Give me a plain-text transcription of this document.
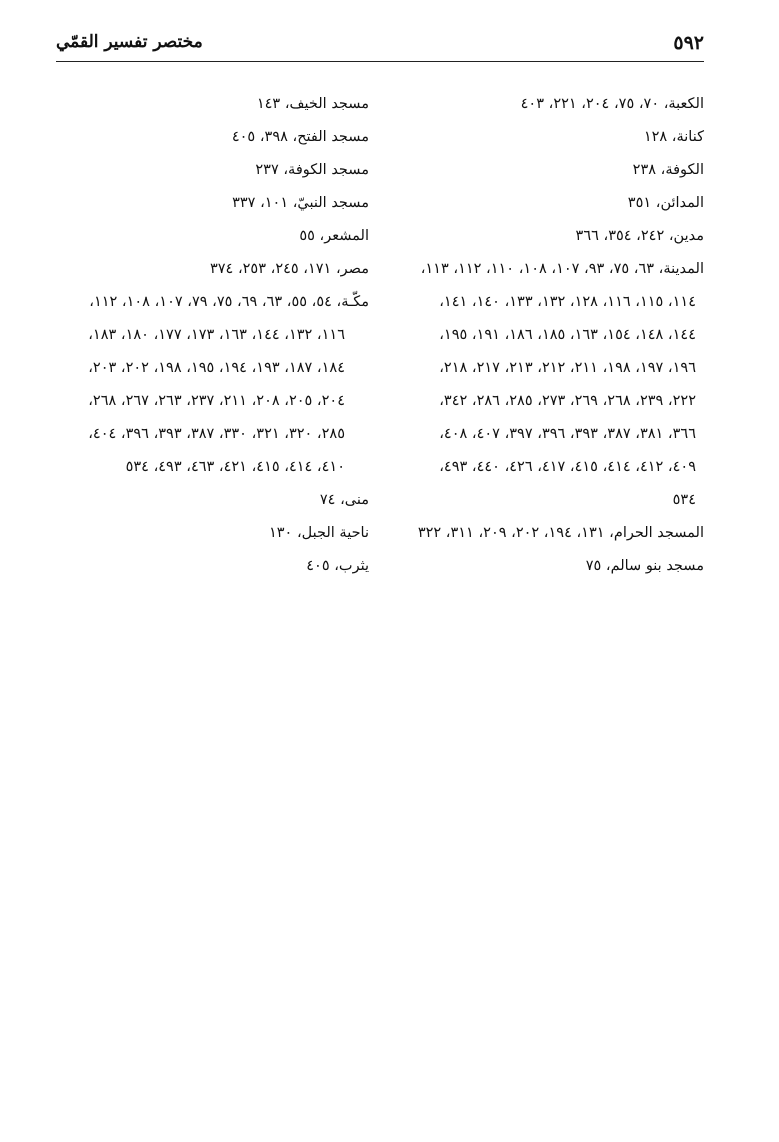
٥٩٢
مختصر تفسير القمّي
الكعبة، ٧٠، ٧٥، ٢٠٤، ٢٢١، ٤٠٣
كنانة، ١٢٨
الكوفة، ٢٣٨
المدائن، ٣٥١
مدين، ٢٤٢، ٣٥٤، ٣٦٦
المدينة، ٦٣، ٧٥، ٩٣، ١٠٧، ١٠٨، ١١٠، ١١٢، ١١٣،
١١٤، ١١٥، ١١٦، ١٢٨، ١٣٢، ١٣٣، ١٤٠، ١٤١،
١٤٤، ١٤٨، ١٥٤، ١٦٣، ١٨٥، ١٨٦، ١٩١، ١٩٥،
١٩٦، ١٩٧، ١٩٨، ٢١١، ٢١٢، ٢١٣، ٢١٧، ٢١٨،
٢٢٢، ٢٣٩، ٢٦٨، ٢٦٩، ٢٧٣، ٢٨٥، ٢٨٦، ٣٤٢،
٣٦٦، ٣٨١، ٣٨٧، ٣٩٣، ٣٩٦، ٣٩٧، ٤٠٧، ٤٠٨،
٤٠٩، ٤١٢، ٤١٤، ٤١٥، ٤١٧، ٤٢٦، ٤٤٠، ٤٩٣،
٥٣٤
المسجد الحرام، ١٣١، ١٩٤، ٢٠٢، ٢٠٩، ٣١١، ٣٢٢
مسجد بنو سالم، ٧٥
مسجد الخيف، ١٤٣
مسجد الفتح، ٣٩٨، ٤٠٥
مسجد الكوفة، ٢٣٧
مسجد النبيّ، ١٠١، ٣٣٧
المشعر، ٥٥
مصر، ١٧١، ٢٤٥، ٢٥٣، ٣٧٤
مكّـة، ٥٤، ٥٥، ٦٣، ٦٩، ٧٥، ٧٩، ١٠٧، ١٠٨، ١١٢،
١١٦، ١٣٢، ١٤٤، ١٦٣، ١٧٣، ١٧٧، ١٨٠، ١٨٣،
١٨٤، ١٨٧، ١٩٣، ١٩٤، ١٩٥، ١٩٨، ٢٠٢، ٢٠٣،
٢٠٤، ٢٠٥، ٢٠٨، ٢١١، ٢٣٧، ٢٦٣، ٢٦٧، ٢٦٨،
٢٨٥، ٣٢٠، ٣٢١، ٣٣٠، ٣٨٧، ٣٩٣، ٣٩٦، ٤٠٤،
٤١٠، ٤١٤، ٤١٥، ٤٢١، ٤٦٣، ٤٩٣، ٥٣٤
منى، ٧٤
ناحية الجبل، ١٣٠
يثرب، ٤٠٥
